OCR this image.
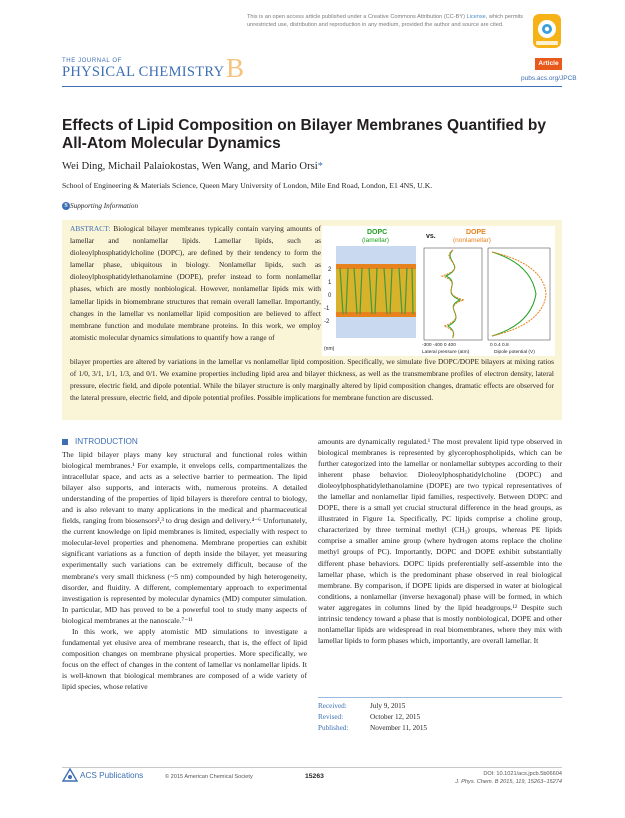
This is an open access article published under a Creative Commons Attribution (CC-BY) License, which permits unrestricted use, distribution and reproduction in any medium, provided the author and source are cited.
THE JOURNAL OF
PHYSICAL CHEMISTRY B	Article
pubs.acs.org/JPCB
Effects of Lipid Composition on Bilayer Membranes Quantified by All-Atom Molecular Dynamics
Wei Ding, Michail Palaiokostas, Wen Wang, and Mario Orsi*
School of Engineering & Materials Science, Queen Mary University of London, Mile End Road, London, E1 4NS, U.K.
S Supporting Information
ABSTRACT: Biological bilayer membranes typically contain varying amounts of lamellar and nonlamellar lipids. Lamellar lipids, such as dioleoylphosphatidylcholine (DOPC), are defined by their tendency to form the lamellar phase, ubiquitous in biology. Nonlamellar lipids, such as dioleoylphosphatidylethanolamine (DOPE), prefer instead to form nonlamellar phases, which are mostly nonbiological. However, nonlamellar lipids mix with lamellar lipids in biomembrane structures that remain overall lamellar. Importantly, changes in the lamellar vs nonlamellar lipid composition are believed to affect membrane function and modulate membrane proteins. In this work, we employ atomistic molecular dynamics simulations to quantify how a range of
bilayer properties are altered by variations in the lamellar vs nonlamellar lipid composition. Specifically, we simulate five DOPC/DOPE bilayers at mixing ratios of 1/0, 3/1, 1/1, 1/3, and 0/1. We examine properties including lipid area and bilayer thickness, as well as the transmembrane profiles of electron density, lateral pressure, electric field, and dipole potential. While the bilayer structure is only marginally altered by lipid composition changes, dramatic effects are observed for the lateral pressure, electric field, and dipole potential profiles. Possible implications for membrane function are discussed.
2
1
0
-1
-2
(nm)
DOPC
(lamellar)
vs.
DOPE
(nonlamellar)
-300 -400 0 400	0 0.4 0.8
Lateral pressure (atm)	Dipole potential (V)
INTRODUCTION

The lipid bilayer plays many key structural and functional roles within biological membranes.¹ For example, it envelops cells, compartmentalizes the intracellular space, and acts as a selective barrier to permeation. The lipid bilayer also supports, and interacts with, numerous proteins. A detailed understanding of the properties of lipid bilayers is therefore central to biology, and is also relevant to many applications in the medical and pharmaceutical fields, ranging from biosensors²,³ to drug design and delivery.⁴⁻⁶ Unfortunately, the current knowledge on lipid membranes is limited, especially with respect to molecular-level properties and phenomena. Membrane properties can exhibit significant variations as a function of depth inside the bilayer, yet measuring experimentally such variations can be extremely difficult, because of the membrane's very small thickness (~5 nm) compounded by high heterogeneity, disorder, and fluidity. A different, complementary approach to experimental investigation is represented by molecular dynamics (MD) computer simulation. In particular, MD has proved to be a powerful tool to study many aspects of biological membranes at the nanoscale.⁷⁻¹¹

In this work, we apply atomistic MD simulations to investigate a fundamental yet elusive area of membrane research, that is, the effect of lipid composition changes on membrane physical properties. More specifically, we focus on the effect of changes in the content of lamellar vs nonlamellar lipids. It is well-known that biological membranes are composed of a wide variety of lipid species, whose relative

amounts are dynamically regulated.¹ The most prevalent lipid type observed in biological membranes is represented by glycerophospholipids, which can be further categorized into the lamellar or nonlamellar subtypes according to their inherent phase behavior. Dioleoylphosphatidylcholine (DOPC) and dioleoylphosphatidylethanolamine (DOPE) are two typical representatives of the lamellar and nonlamellar lipid families, respectively. Between DOPC and DOPE, there is a small yet crucial structural difference in the head groups, as illustrated in Figure 1a. Specifically, PC lipids comprise a choline group, characterized by three terminal methyl (CH₃) groups, whereas PE lipids comprise a smaller amine group (where hydrogen atoms replace the choline methyl groups of PC). Importantly, DOPC and DOPE exhibit substantially different phase behaviors. DOPC lipids preferentially self-assemble into the lamellar phase, which is the predominant phase observed in real biological membrane. By comparison, if DOPE lipids are dispersed in water at biological conditions, a nonlamellar (inverse hexagonal) phase will be formed, in which water aggregates in columns lined by the lipid headgroups.¹² Despite such intrinsic tendency toward a phase that is mostly nonbiological, DOPE and other nonlamellar lipids are widespread in real biomembranes, where they mix with lamellar lipids to form phases which, importantly, are overall lamellar. It

Received:	July 9, 2015
Revised:	October 12, 2015
Published:	November 11, 2015
ACS Publications	© 2015 American Chemical Society	15263	DOI: 10.1021/acs.jpcb.5b06604
J. Phys. Chem. B 2015, 119, 15263−15274
